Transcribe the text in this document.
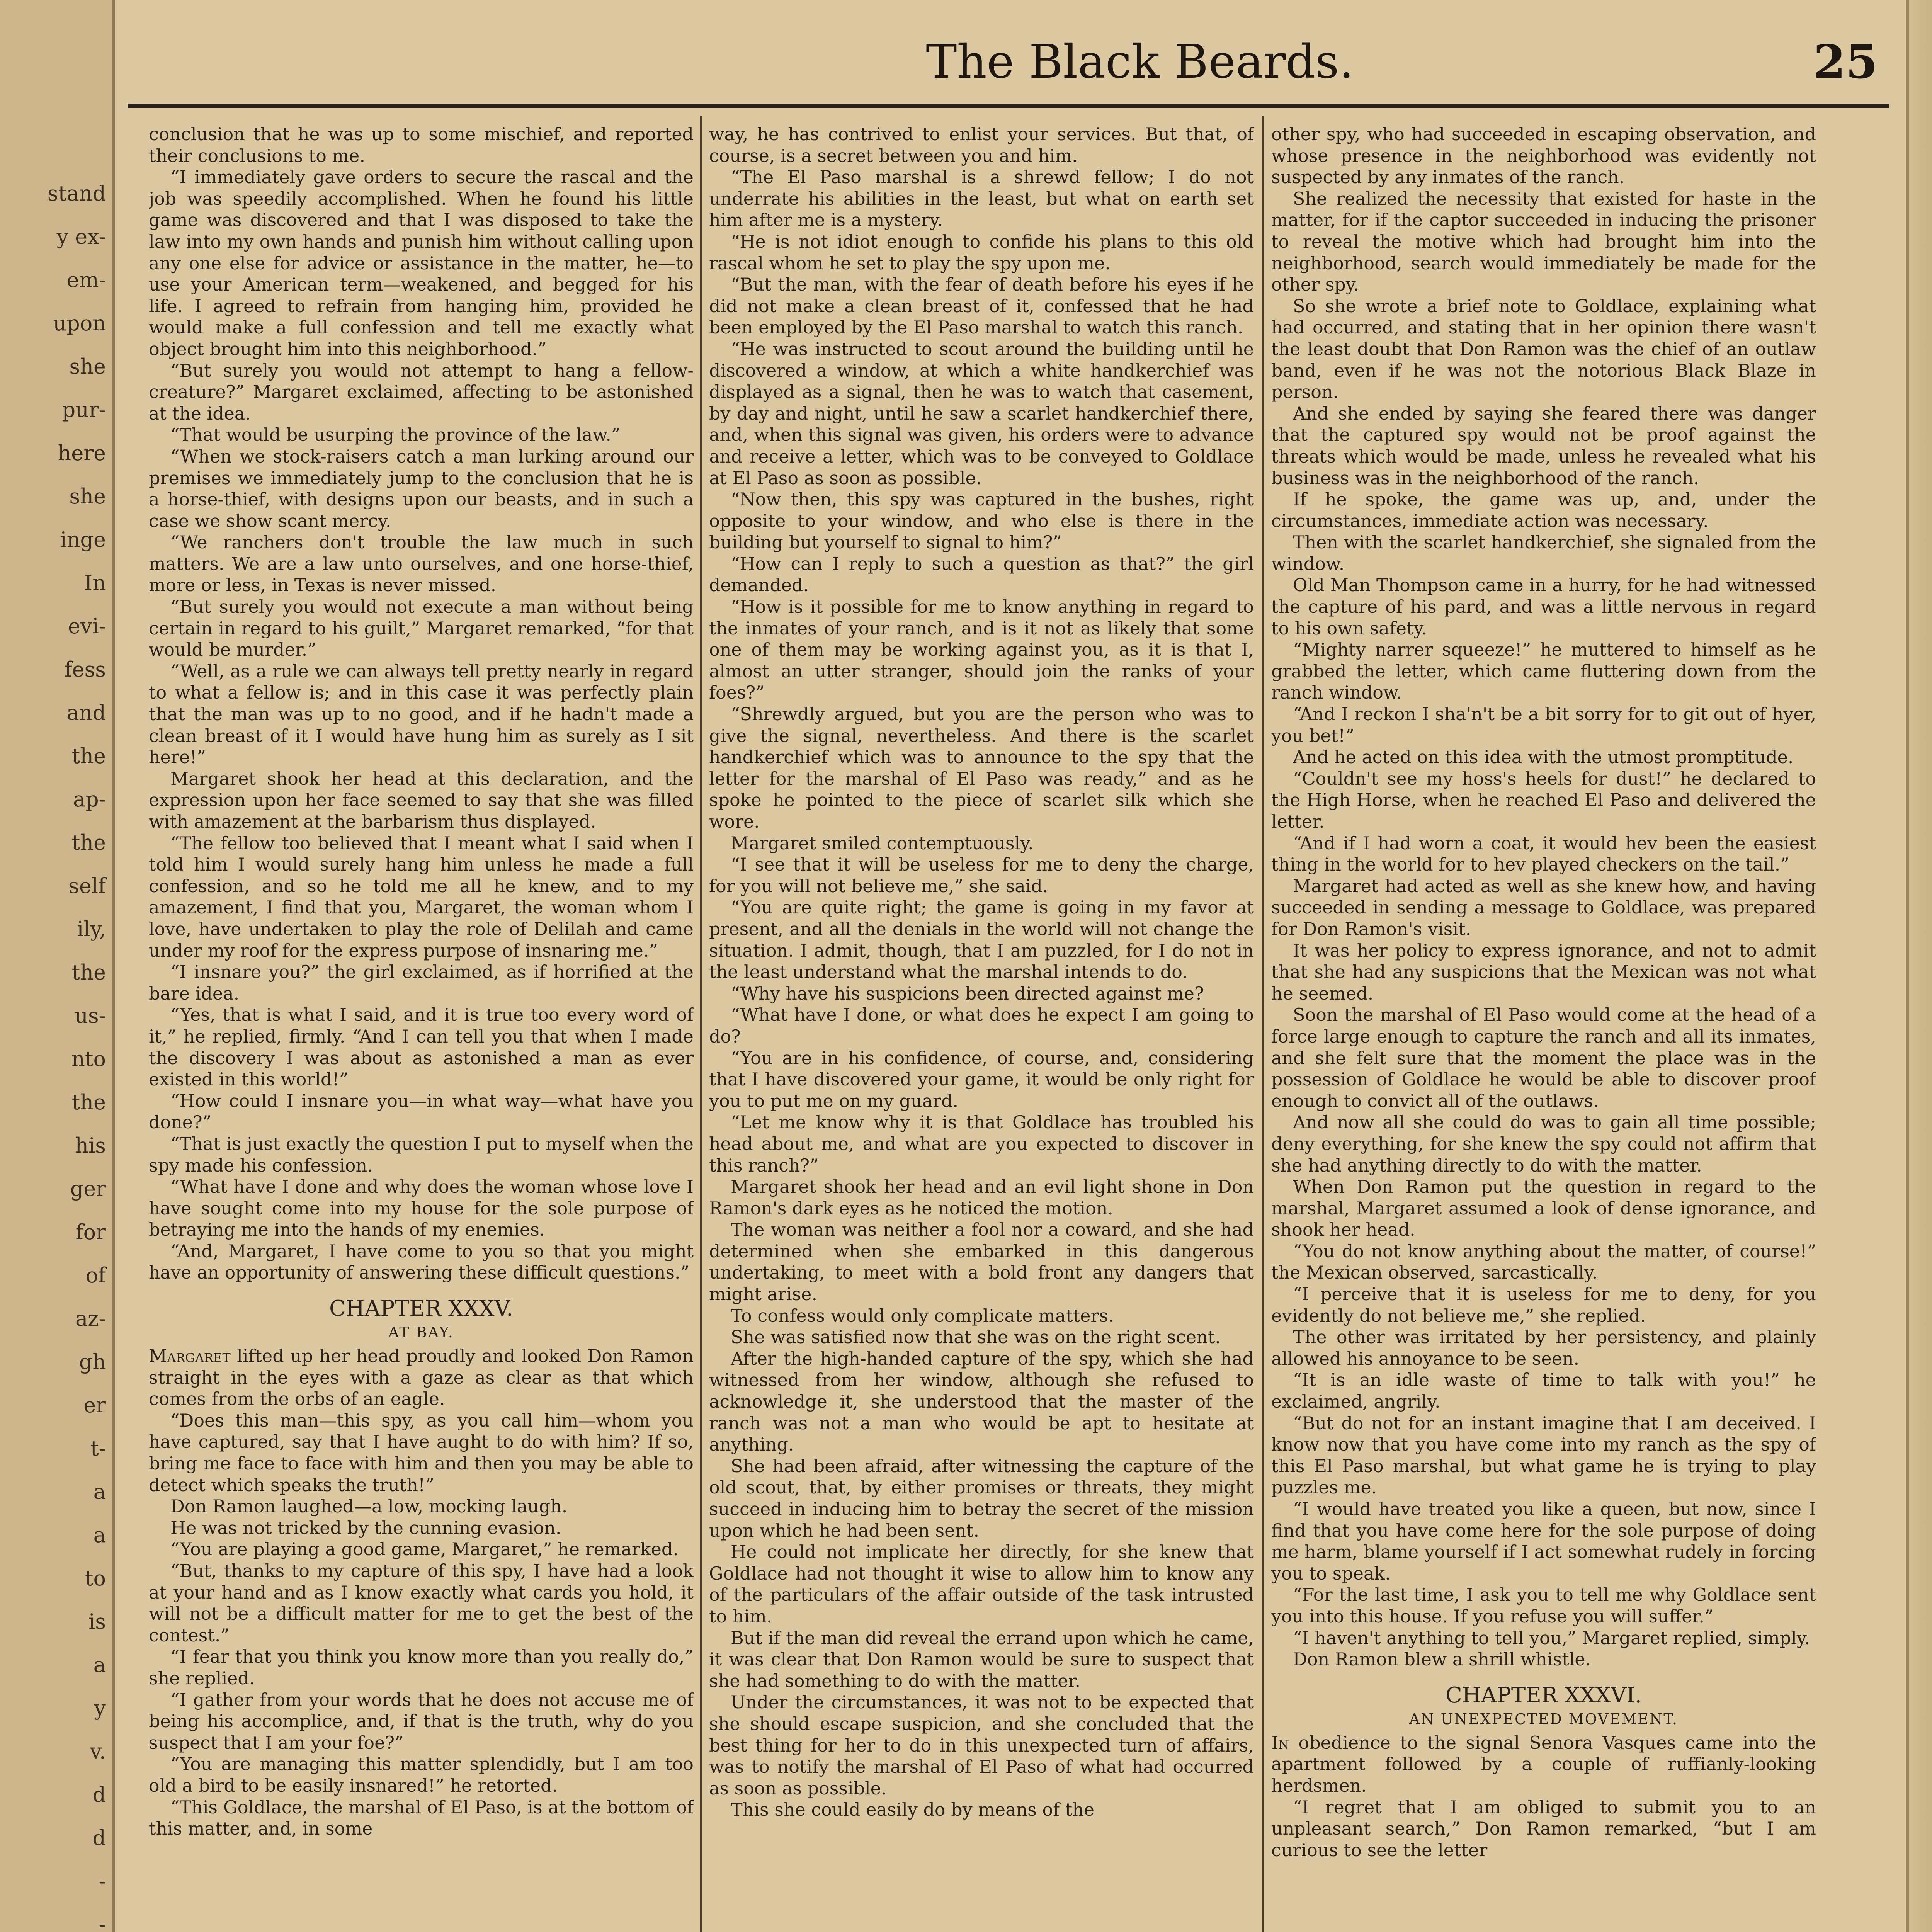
stand
y ex-
em-
upon
she
pur-
here
she
inge
In
evi-
fess
and
the
ap-
the
self
ily,
the
us-
nto
the
his
ger
for
of
az-
gh
er
t-
a
a
to
is
a
y
v.
d
d
-
-
The Black Beards.	25

conclusion that he was up to some mischief, and reported their conclusions to me.

“I immediately gave orders to secure the rascal and the job was speedily accomplished. When he found his little game was discovered and that I was disposed to take the law into my own hands and punish him without calling upon any one else for advice or assistance in the matter, he—to use your American term—weakened, and begged for his life. I agreed to refrain from hanging him, provided he would make a full confession and tell me exactly what object brought him into this neighborhood.”

“But surely you would not attempt to hang a fellow-creature?” Margaret exclaimed, affecting to be astonished at the idea.

“That would be usurping the province of the law.”

“When we stock-raisers catch a man lurking around our premises we immediately jump to the conclusion that he is a horse-thief, with designs upon our beasts, and in such a case we show scant mercy.

“We ranchers don't trouble the law much in such matters. We are a law unto ourselves, and one horse-thief, more or less, in Texas is never missed.

“But surely you would not execute a man without being certain in regard to his guilt,” Margaret remarked, “for that would be murder.”

“Well, as a rule we can always tell pretty nearly in regard to what a fellow is; and in this case it was perfectly plain that the man was up to no good, and if he hadn't made a clean breast of it I would have hung him as surely as I sit here!”

Margaret shook her head at this declaration, and the expression upon her face seemed to say that she was filled with amazement at the barbarism thus displayed.

“The fellow too believed that I meant what I said when I told him I would surely hang him unless he made a full confession, and so he told me all he knew, and to my amazement, I find that you, Margaret, the woman whom I love, have undertaken to play the role of Delilah and came under my roof for the express purpose of insnaring me.”

“I insnare you?” the girl exclaimed, as if horrified at the bare idea.

“Yes, that is what I said, and it is true too every word of it,” he replied, firmly. “And I can tell you that when I made the discovery I was about as astonished a man as ever existed in this world!”

“How could I insnare you—in what way—what have you done?”

“That is just exactly the question I put to myself when the spy made his confession.

“What have I done and why does the woman whose love I have sought come into my house for the sole purpose of betraying me into the hands of my enemies.

“And, Margaret, I have come to you so that you might have an opportunity of answering these difficult questions.”

CHAPTER XXXV.
AT BAY.

Margaret lifted up her head proudly and looked Don Ramon straight in the eyes with a gaze as clear as that which comes from the orbs of an eagle.

“Does this man—this spy, as you call him—whom you have captured, say that I have aught to do with him? If so, bring me face to face with him and then you may be able to detect which speaks the truth!”

Don Ramon laughed—a low, mocking laugh.

He was not tricked by the cunning evasion.

“You are playing a good game, Margaret,” he remarked.

“But, thanks to my capture of this spy, I have had a look at your hand and as I know exactly what cards you hold, it will not be a difficult matter for me to get the best of the contest.”

“I fear that you think you know more than you really do,” she replied.

“I gather from your words that he does not accuse me of being his accomplice, and, if that is the truth, why do you suspect that I am your foe?”

“You are managing this matter splendidly, but I am too old a bird to be easily insnared!” he retorted.

“This Goldlace, the marshal of El Paso, is at the bottom of this matter, and, in some

way, he has contrived to enlist your services. But that, of course, is a secret between you and him.

“The El Paso marshal is a shrewd fellow; I do not underrate his abilities in the least, but what on earth set him after me is a mystery.

“He is not idiot enough to confide his plans to this old rascal whom he set to play the spy upon me.

“But the man, with the fear of death before his eyes if he did not make a clean breast of it, confessed that he had been employed by the El Paso marshal to watch this ranch.

“He was instructed to scout around the building until he discovered a window, at which a white handkerchief was displayed as a signal, then he was to watch that casement, by day and night, until he saw a scarlet handkerchief there, and, when this signal was given, his orders were to advance and receive a letter, which was to be conveyed to Goldlace at El Paso as soon as possible.

“Now then, this spy was captured in the bushes, right opposite to your window, and who else is there in the building but yourself to signal to him?”

“How can I reply to such a question as that?” the girl demanded.

“How is it possible for me to know anything in regard to the inmates of your ranch, and is it not as likely that some one of them may be working against you, as it is that I, almost an utter stranger, should join the ranks of your foes?”

“Shrewdly argued, but you are the person who was to give the signal, nevertheless. And there is the scarlet handkerchief which was to announce to the spy that the letter for the marshal of El Paso was ready,” and as he spoke he pointed to the piece of scarlet silk which she wore.

Margaret smiled contemptuously.

“I see that it will be useless for me to deny the charge, for you will not believe me,” she said.

“You are quite right; the game is going in my favor at present, and all the denials in the world will not change the situation. I admit, though, that I am puzzled, for I do not in the least understand what the marshal intends to do.

“Why have his suspicions been directed against me?

“What have I done, or what does he expect I am going to do?

“You are in his confidence, of course, and, considering that I have discovered your game, it would be only right for you to put me on my guard.

“Let me know why it is that Goldlace has troubled his head about me, and what are you expected to discover in this ranch?”

Margaret shook her head and an evil light shone in Don Ramon's dark eyes as he noticed the motion.

The woman was neither a fool nor a coward, and she had determined when she embarked in this dangerous undertaking, to meet with a bold front any dangers that might arise.

To confess would only complicate matters.

She was satisfied now that she was on the right scent.

After the high-handed capture of the spy, which she had witnessed from her window, although she refused to acknowledge it, she understood that the master of the ranch was not a man who would be apt to hesitate at anything.

She had been afraid, after witnessing the capture of the old scout, that, by either promises or threats, they might succeed in inducing him to betray the secret of the mission upon which he had been sent.

He could not implicate her directly, for she knew that Goldlace had not thought it wise to allow him to know any of the particulars of the affair outside of the task intrusted to him.

But if the man did reveal the errand upon which he came, it was clear that Don Ramon would be sure to suspect that she had something to do with the matter.

Under the circumstances, it was not to be expected that she should escape suspicion, and she concluded that the best thing for her to do in this unexpected turn of affairs, was to notify the marshal of El Paso of what had occurred as soon as possible.

This she could easily do by means of the

other spy, who had succeeded in escaping observation, and whose presence in the neighborhood was evidently not suspected by any inmates of the ranch.

She realized the necessity that existed for haste in the matter, for if the captor succeeded in inducing the prisoner to reveal the motive which had brought him into the neighborhood, search would immediately be made for the other spy.

So she wrote a brief note to Goldlace, explaining what had occurred, and stating that in her opinion there wasn't the least doubt that Don Ramon was the chief of an outlaw band, even if he was not the notorious Black Blaze in person.

And she ended by saying she feared there was danger that the captured spy would not be proof against the threats which would be made, unless he revealed what his business was in the neighborhood of the ranch.

If he spoke, the game was up, and, under the circumstances, immediate action was necessary.

Then with the scarlet handkerchief, she signaled from the window.

Old Man Thompson came in a hurry, for he had witnessed the capture of his pard, and was a little nervous in regard to his own safety.

“Mighty narrer squeeze!” he muttered to himself as he grabbed the letter, which came fluttering down from the ranch window.

“And I reckon I sha'n't be a bit sorry for to git out of hyer, you bet!”

And he acted on this idea with the utmost promptitude.

“Couldn't see my hoss's heels for dust!” he declared to the High Horse, when he reached El Paso and delivered the letter.

“And if I had worn a coat, it would hev been the easiest thing in the world for to hev played checkers on the tail.”

Margaret had acted as well as she knew how, and having succeeded in sending a message to Goldlace, was prepared for Don Ramon's visit.

It was her policy to express ignorance, and not to admit that she had any suspicions that the Mexican was not what he seemed.

Soon the marshal of El Paso would come at the head of a force large enough to capture the ranch and all its inmates, and she felt sure that the moment the place was in the possession of Goldlace he would be able to discover proof enough to convict all of the outlaws.

And now all she could do was to gain all time possible; deny everything, for she knew the spy could not affirm that she had anything directly to do with the matter.

When Don Ramon put the question in regard to the marshal, Margaret assumed a look of dense ignorance, and shook her head.

“You do not know anything about the matter, of course!” the Mexican observed, sarcastically.

“I perceive that it is useless for me to deny, for you evidently do not believe me,” she replied.

The other was irritated by her persistency, and plainly allowed his annoyance to be seen.

“It is an idle waste of time to talk with you!” he exclaimed, angrily.

“But do not for an instant imagine that I am deceived. I know now that you have come into my ranch as the spy of this El Paso marshal, but what game he is trying to play puzzles me.

“I would have treated you like a queen, but now, since I find that you have come here for the sole purpose of doing me harm, blame yourself if I act somewhat rudely in forcing you to speak.

“For the last time, I ask you to tell me why Goldlace sent you into this house. If you refuse you will suffer.”

“I haven't anything to tell you,” Margaret replied, simply.

Don Ramon blew a shrill whistle.

CHAPTER XXXVI.
AN UNEXPECTED MOVEMENT.

In obedience to the signal Senora Vasques came into the apartment followed by a couple of ruffianly-looking herdsmen.

“I regret that I am obliged to submit you to an unpleasant search,” Don Ramon remarked, “but I am curious to see the letter
